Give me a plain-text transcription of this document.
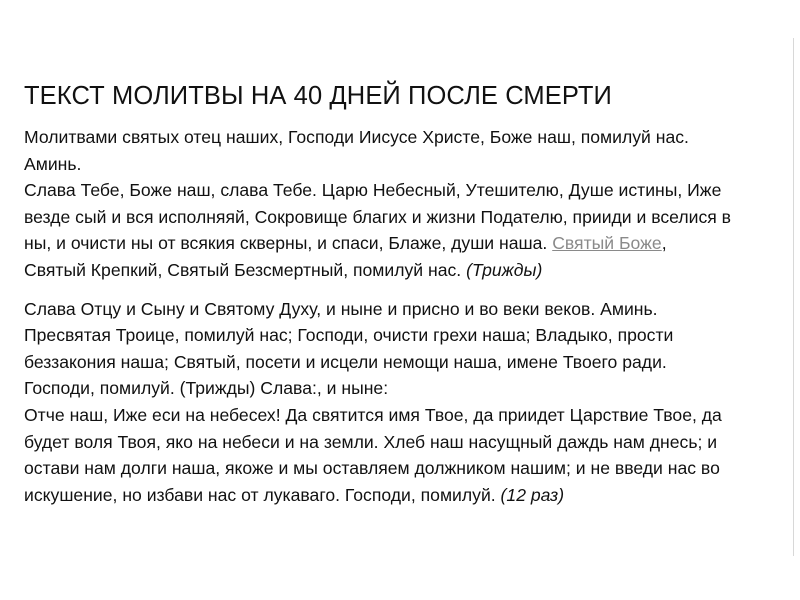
ТЕКСТ МОЛИТВЫ НА 40 ДНЕЙ ПОСЛЕ СМЕРТИ

Молитвами святых отец наших, Господи Иисусе Христе, Боже наш, помилуй нас.
Аминь.
Слава Тебе, Боже наш, слава Тебе. Царю Небесный, Утешителю, Душе истины, Иже
везде сый и вся исполняяй, Сокровище благих и жизни Подателю, прииди и вселися в
ны, и очисти ны от всякия скверны, и спаси, Блаже, души наша. Святый Боже,
Святый Крепкий, Святый Безсмертный, помилуй нас. (Трижды)

Слава Отцу и Сыну и Святому Духу, и ныне и присно и во веки веков. Аминь.
Пресвятая Троице, помилуй нас; Господи, очисти грехи наша; Владыко, прости
беззакония наша; Святый, посети и исцели немощи наша, имене Твоего ради.
Господи, помилуй. (Трижды) Слава:, и ныне:
Отче наш, Иже еси на небесех! Да святится имя Твое, да приидет Царствие Твое, да
будет воля Твоя, яко на небеси и на земли. Хлеб наш насущный даждь нам днесь; и
остави нам долги наша, якоже и мы оставляем должником нашим; и не введи нас во
искушение, но избави нас от лукаваго. Господи, помилуй. (12 раз)
